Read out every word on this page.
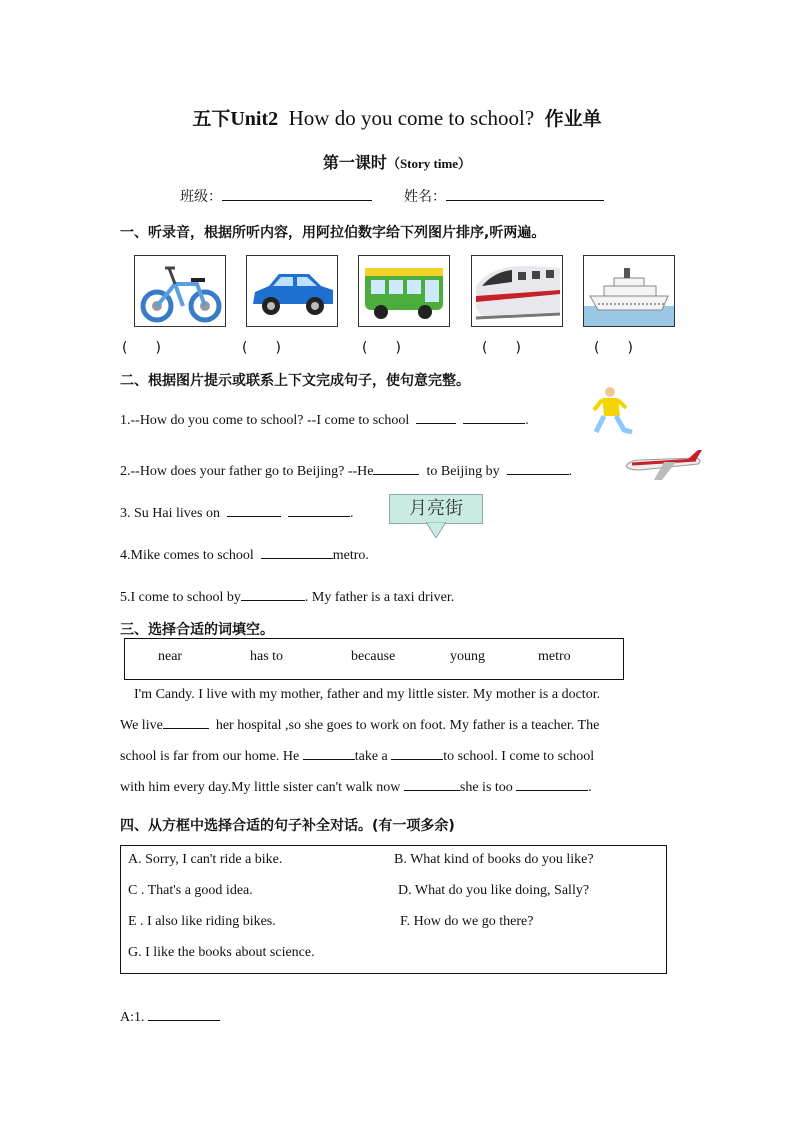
五下Unit2 How do you come to school? 作业单
第一课时（Story time）
班级：	姓名：
一、听录音，根据所听内容，用阿拉伯数字给下列图片排序,听两遍。
(　　)	(　　)	(　　)	(　　)	(　　)
二、根据图片提示或联系上下文完成句子，使句意完整。
1.--How do you come to school? --I come to school	.
2.--How does your father go to Beijing? --He	to Beijing by	.
3. Su Hai lives on	.	月亮街
4.Mike comes to school	metro.
5.I come to school by	. My father is a taxi driver.
三、选择合适的词填空。
near	has to	because	young	metro
I'm Candy. I live with my mother, father and my little sister. My mother is a doctor.
We live	her hospital ,so she goes to work on foot. My father is a teacher. The
school is far from our home. He	take a	to school. I come to school
with him every day.My little sister can't walk now	she is too	.
四、从方框中选择合适的句子补全对话。(有一项多余)
A. Sorry, I can't ride a bike.	B. What kind of books do you like?
C . That's a good idea.	D. What do you like doing, Sally?
E . I also like riding bikes.	F. How do we go there?
G. I like the books about science.
A:1.
